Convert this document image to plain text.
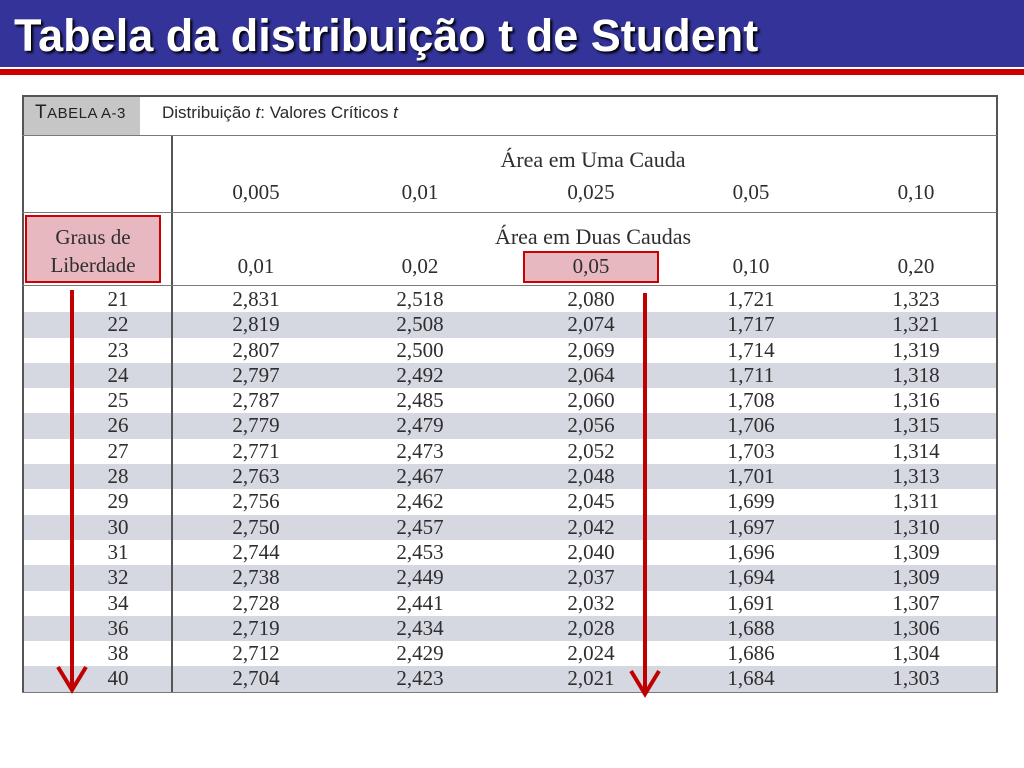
Tabela da distribuição t de Student
TABELA A-3 Distribuição t: Valores Críticos t
Área em Uma Cauda
0,005	0,01	0,025	0,05	0,10
Área em Duas Caudas
0,01	0,02	0,05	0,10	0,20
Graus de
Liberdade
21	2,831	2,518	2,080	1,721	1,323
22	2,819	2,508	2,074	1,717	1,321
23	2,807	2,500	2,069	1,714	1,319
24	2,797	2,492	2,064	1,711	1,318
25	2,787	2,485	2,060	1,708	1,316
26	2,779	2,479	2,056	1,706	1,315
27	2,771	2,473	2,052	1,703	1,314
28	2,763	2,467	2,048	1,701	1,313
29	2,756	2,462	2,045	1,699	1,311
30	2,750	2,457	2,042	1,697	1,310
31	2,744	2,453	2,040	1,696	1,309
32	2,738	2,449	2,037	1,694	1,309
34	2,728	2,441	2,032	1,691	1,307
36	2,719	2,434	2,028	1,688	1,306
38	2,712	2,429	2,024	1,686	1,304
40	2,704	2,423	2,021	1,684	1,303
